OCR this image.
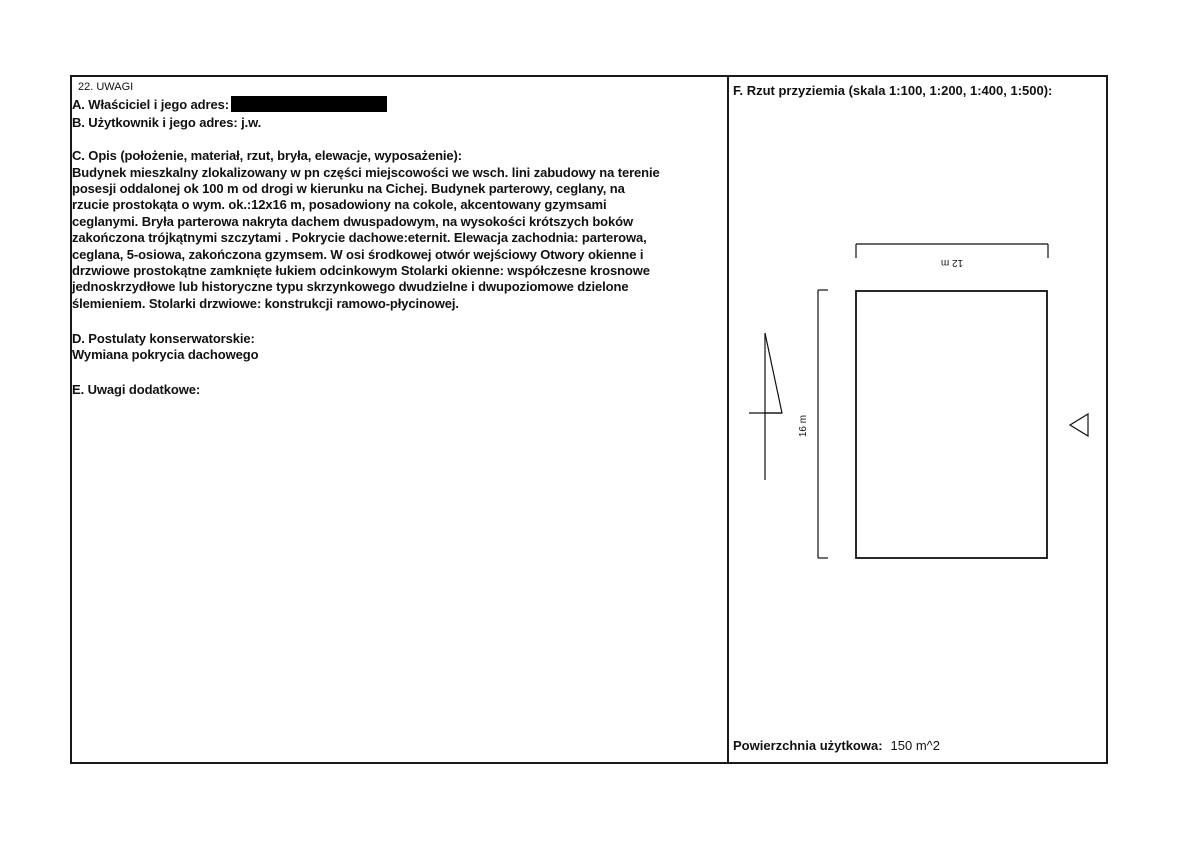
22. UWAGI
A. Właściciel i jego adres:
B. Użytkownik i jego adres: j.w.
C. Opis (położenie, materiał, rzut, bryła, elewacje, wyposażenie):
Budynek mieszkalny zlokalizowany w pn części miejscowości we wsch. lini zabudowy na terenie
posesji oddalonej ok 100 m od drogi w kierunku na Cichej. Budynek parterowy, ceglany, na
rzucie prostokąta o wym. ok.:12x16 m, posadowiony na cokole, akcentowany gzymsami
ceglanymi. Bryła parterowa nakryta dachem dwuspadowym, na wysokości krótszych boków
zakończona trójkątnymi szczytami . Pokrycie dachowe:eternit. Elewacja zachodnia: parterowa,
ceglana, 5-osiowa, zakończona gzymsem. W osi środkowej otwór wejściowy Otwory okienne i
drzwiowe prostokątne zamknięte łukiem odcinkowym Stolarki okienne: współczesne krosnowe
jednoskrzydłowe lub historyczne typu skrzynkowego dwudzielne i dwupoziomowe dzielone
ślemieniem. Stolarki drzwiowe: konstrukcji ramowo-płycinowej.
D. Postulaty konserwatorskie:
Wymiana pokrycia dachowego
E. Uwagi dodatkowe:
F. Rzut przyziemia (skala 1:100, 1:200, 1:400, 1:500):
12 m
16 m
Powierzchnia użytkowa: 150 m^2
